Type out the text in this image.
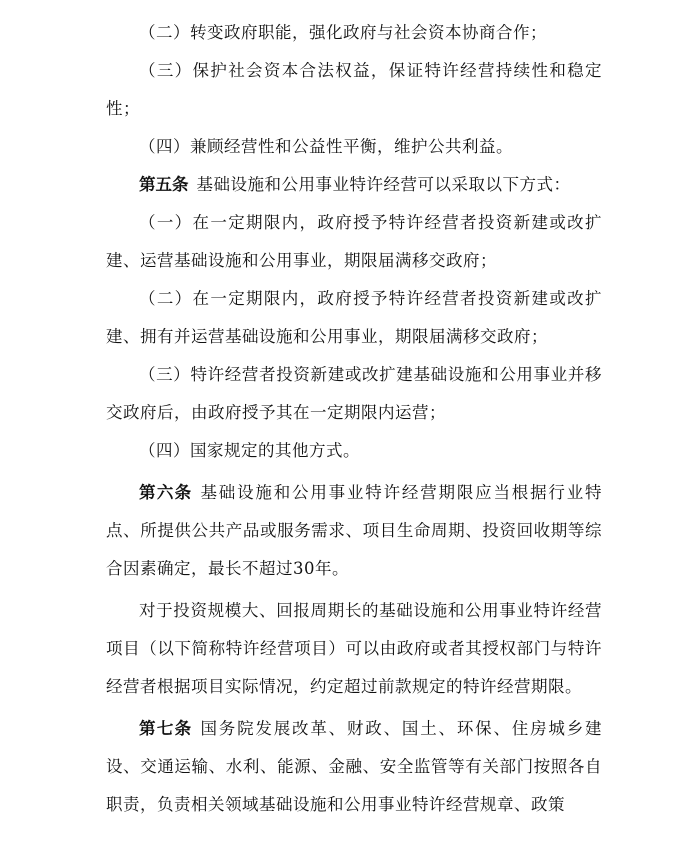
（二）转变政府职能，强化政府与社会资本协商合作；

（三）保护社会资本合法权益，保证特许经营持续性和稳定性；

（四）兼顾经营性和公益性平衡，维护公共利益。

第五条 基础设施和公用事业特许经营可以采取以下方式：

（一）在一定期限内，政府授予特许经营者投资新建或改扩建、运营基础设施和公用事业，期限届满移交政府；

（二）在一定期限内，政府授予特许经营者投资新建或改扩建、拥有并运营基础设施和公用事业，期限届满移交政府；

（三）特许经营者投资新建或改扩建基础设施和公用事业并移交政府后，由政府授予其在一定期限内运营；

（四）国家规定的其他方式。

第六条 基础设施和公用事业特许经营期限应当根据行业特点、所提供公共产品或服务需求、项目生命周期、投资回收期等综合因素确定，最长不超过30年。

对于投资规模大、回报周期长的基础设施和公用事业特许经营项目（以下简称特许经营项目）可以由政府或者其授权部门与特许经营者根据项目实际情况，约定超过前款规定的特许经营期限。

第七条 国务院发展改革、财政、国土、环保、住房城乡建设、交通运输、水利、能源、金融、安全监管等有关部门按照各自职责，负责相关领域基础设施和公用事业特许经营规章、政策
